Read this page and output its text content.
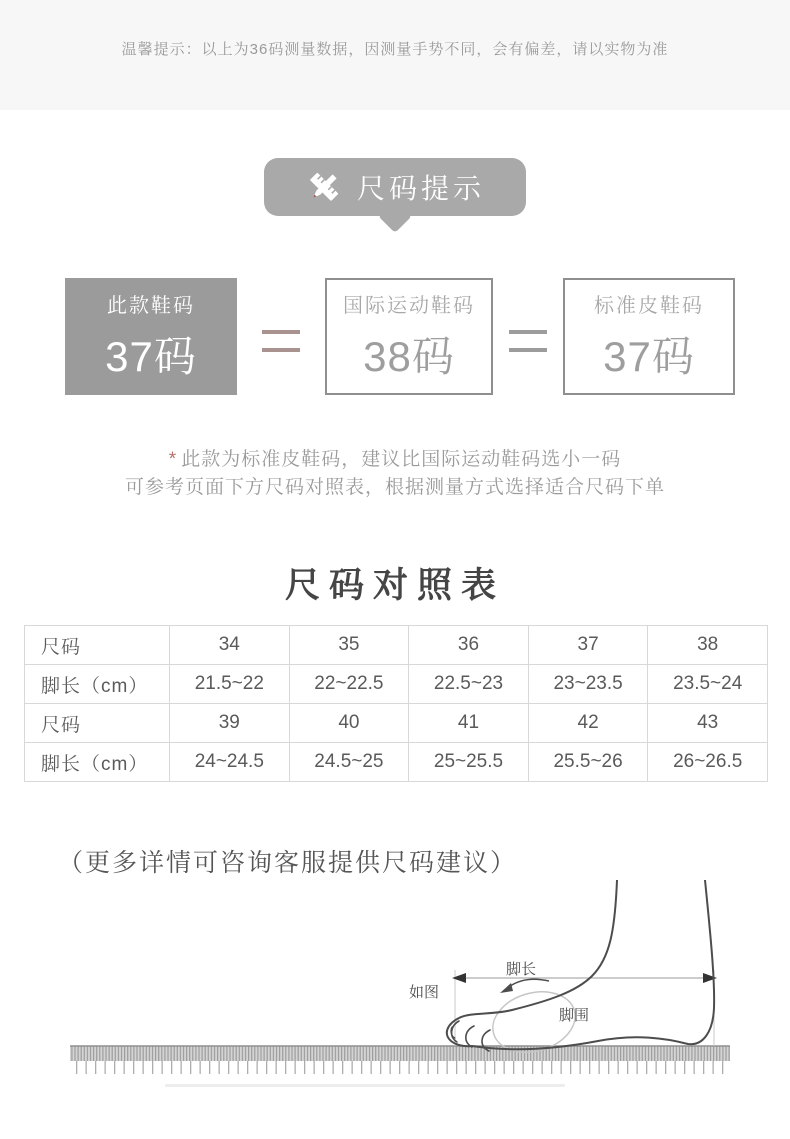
温馨提示：以上为36码测量数据，因测量手势不同，会有偏差，请以实物为准
尺码提示
此款鞋码
37码
国际运动鞋码
38码
标准皮鞋码
37码
* 此款为标准皮鞋码，建议比国际运动鞋码选小一码
可参考页面下方尺码对照表，根据测量方式选择适合尺码下单
尺码对照表
尺码	34	35	36	37	38
脚长（cm）	21.5~22	22~22.5	22.5~23	23~23.5	23.5~24
尺码	39	40	41	42	43
脚长（cm）	24~24.5	24.5~25	25~25.5	25.5~26	26~26.5
（更多详情可咨询客服提供尺码建议）
脚长
如图
脚围
